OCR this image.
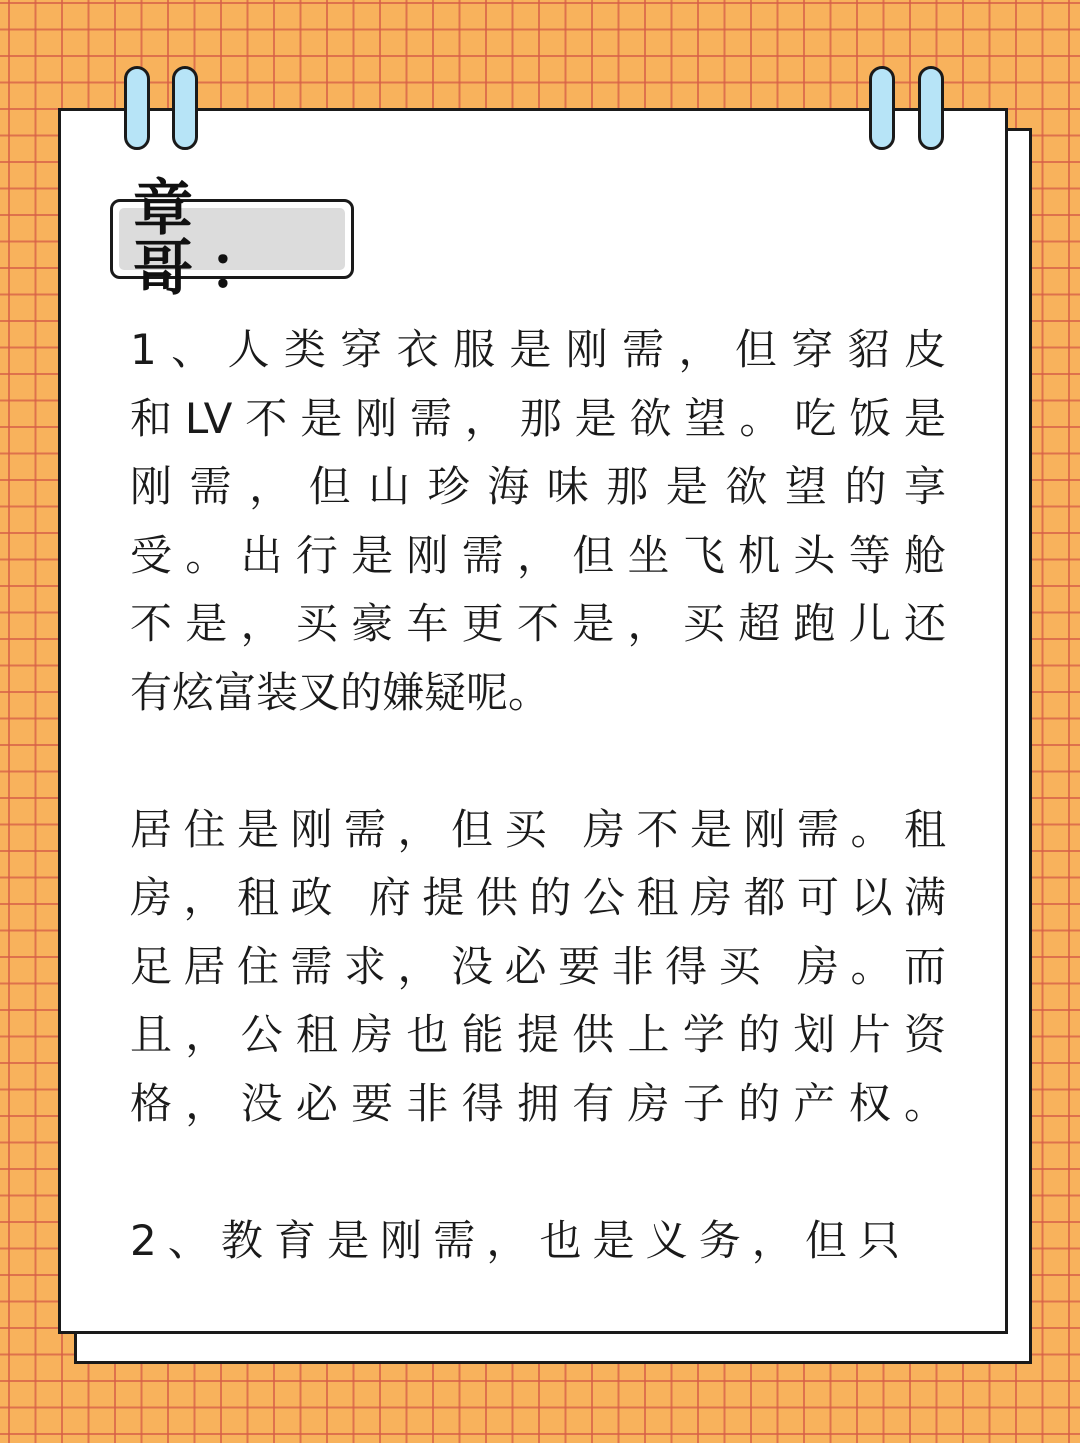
章哥：

1、人类穿衣服是刚需，但穿貂皮

和LV不是刚需，那是欲望。吃饭是

刚需，但山珍海味那是欲望的享

受。出行是刚需，但坐飞机头等舱

不是，买豪车更不是，买超跑儿还

有炫富装叉的嫌疑呢。

居住是刚需，但买 房不是刚需。租

房，租政 府提供的公租房都可以满

足居住需求，没必要非得买 房。而

且，公租房也能提供上学的划片资

格，没必要非得拥有房子的产权。

2、教育是刚需，也是义务，但只
